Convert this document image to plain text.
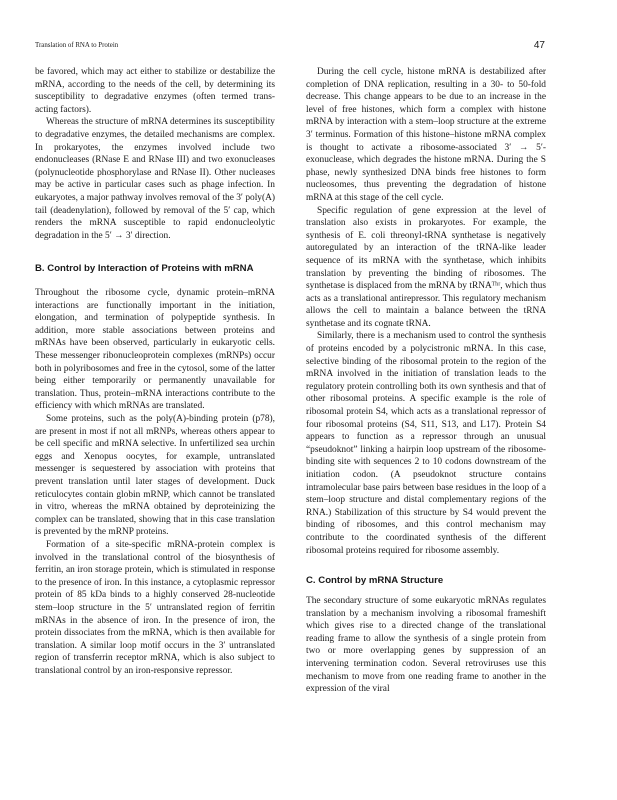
Translation of RNA to Protein	47

be favored, which may act either to stabilize or destabilize the mRNA, according to the needs of the cell, by determining its susceptibility to degradative enzymes (often termed trans-acting factors).

Whereas the structure of mRNA determines its susceptibility to degradative enzymes, the detailed mechanisms are complex. In prokaryotes, the enzymes involved include two endonucleases (RNase E and RNase III) and two exonucleases (polynucleotide phosphorylase and RNase II). Other nucleases may be active in particular cases such as phage infection. In eukaryotes, a major pathway involves removal of the 3′ poly(A) tail (deadenylation), followed by removal of the 5′ cap, which renders the mRNA susceptible to rapid endonucleolytic degradation in the 5′ → 3′ direction.

B. Control by Interaction of Proteins with mRNA

Throughout the ribosome cycle, dynamic protein–mRNA interactions are functionally important in the initiation, elongation, and termination of polypeptide synthesis. In addition, more stable associations between proteins and mRNAs have been observed, particularly in eukaryotic cells. These messenger ribonucleoprotein complexes (mRNPs) occur both in polyribosomes and free in the cytosol, some of the latter being either temporarily or permanently unavailable for translation. Thus, protein–mRNA interactions contribute to the efficiency with which mRNAs are translated.

Some proteins, such as the poly(A)-binding protein (p78), are present in most if not all mRNPs, whereas others appear to be cell specific and mRNA selective. In unfertilized sea urchin eggs and Xenopus oocytes, for example, untranslated messenger is sequestered by association with proteins that prevent translation until later stages of development. Duck reticulocytes contain globin mRNP, which cannot be translated in vitro, whereas the mRNA obtained by deproteinizing the complex can be translated, showing that in this case translation is prevented by the mRNP proteins.

Formation of a site-specific mRNA-protein complex is involved in the translational control of the biosynthesis of ferritin, an iron storage protein, which is stimulated in response to the presence of iron. In this instance, a cytoplasmic repressor protein of 85 kDa binds to a highly conserved 28-nucleotide stem–loop structure in the 5′ untranslated region of ferritin mRNAs in the absence of iron. In the presence of iron, the protein dissociates from the mRNA, which is then available for translation. A similar loop motif occurs in the 3′ untranslated region of transferrin receptor mRNA, which is also subject to translational control by an iron-responsive repressor.

During the cell cycle, histone mRNA is destabilized after completion of DNA replication, resulting in a 30- to 50-fold decrease. This change appears to be due to an increase in the level of free histones, which form a complex with histone mRNA by interaction with a stem–loop structure at the extreme 3′ terminus. Formation of this histone–histone mRNA complex is thought to activate a ribosome-associated 3′ → 5′-exonuclease, which degrades the histone mRNA. During the S phase, newly synthesized DNA binds free histones to form nucleosomes, thus preventing the degradation of histone mRNA at this stage of the cell cycle.

Specific regulation of gene expression at the level of translation also exists in prokaryotes. For example, the synthesis of E. coli threonyl-tRNA synthetase is negatively autoregulated by an interaction of the tRNA-like leader sequence of its mRNA with the synthetase, which inhibits translation by preventing the binding of ribosomes. The synthetase is displaced from the mRNA by tRNAᵀʰʳ, which thus acts as a translational antirepressor. This regulatory mechanism allows the cell to maintain a balance between the tRNA synthetase and its cognate tRNA.

Similarly, there is a mechanism used to control the synthesis of proteins encoded by a polycistronic mRNA. In this case, selective binding of the ribosomal protein to the region of the mRNA involved in the initiation of translation leads to the regulatory protein controlling both its own synthesis and that of other ribosomal proteins. A specific example is the role of ribosomal protein S4, which acts as a translational repressor of four ribosomal proteins (S4, S11, S13, and L17). Protein S4 appears to function as a repressor through an unusual “pseudoknot” linking a hairpin loop upstream of the ribosome-binding site with sequences 2 to 10 codons downstream of the initiation codon. (A pseudoknot structure contains intramolecular base pairs between base residues in the loop of a stem–loop structure and distal complementary regions of the RNA.) Stabilization of this structure by S4 would prevent the binding of ribosomes, and this control mechanism may contribute to the coordinated synthesis of the different ribosomal proteins required for ribosome assembly.

C. Control by mRNA Structure

The secondary structure of some eukaryotic mRNAs regulates translation by a mechanism involving a ribosomal frameshift which gives rise to a directed change of the translational reading frame to allow the synthesis of a single protein from two or more overlapping genes by suppression of an intervening termination codon. Several retroviruses use this mechanism to move from one reading frame to another in the expression of the viral
